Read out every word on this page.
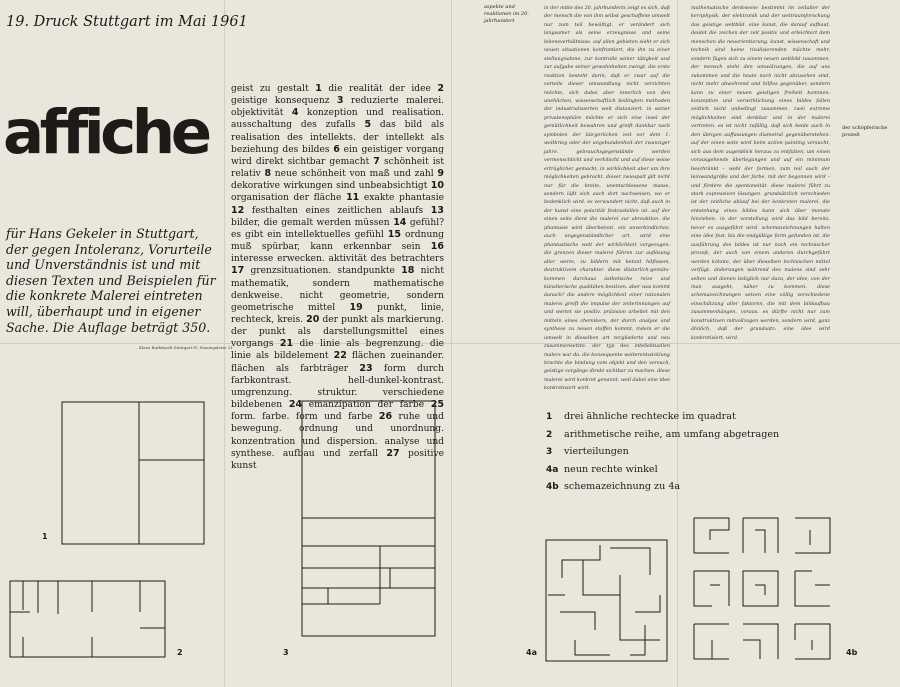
19. Druck Stuttgart im Mai 1961
affiche
für Hans Gekeler in Stuttgart, der gegen Intoleranz, Vorurteile und Unverständnis ist und mit diesen Texten und Beispielen für die konkrete Malerei eintreten will, überhaupt und in eigener Sache. Die Auflage beträgt 350.
Klaus Burkhardt Stuttgart-N. Staatsgalerie 21
geist zu gestalt 1 die realität der idee 2 geistige konsequenz 3 reduzierte malerei. objektivität 4 konzeption und realisation. ausschaltung des zufalls 5 das bild als realisation des intellekts. der intellekt als beziehung des bildes 6 ein geistiger vorgang wird direkt sichtbar gemacht 7 schönheit ist relativ 8 neue schönheit von maß und zahl 9 dekorative wirkungen sind unbeabsichtigt 10 organisation der fläche 11 exakte phantasie 12 festhalten eines zeitlichen ablaufs 13 bilder, die gemalt werden müssen 14 gefühl? es gibt ein intellektuelles gefühl 15 ordnung muß spürbar, kann erkennbar sein 16 interesse erwecken. aktivität des betrachters 17 grenzsituationen. standpunkte 18 nicht mathematik, sondern mathematische denkweise. nicht geometrie, sondern geometrische mittel 19 punkt, linie, rechteck, kreis. 20 der punkt als markierung. der punkt als darstellungsmittel eines vorgangs 21 die linie als begrenzung. die linie als bildelement 22 flächen zueinander. flächen als farbträger 23 form durch farbkontrast. hell-dunkel-kontrast. umgrenzung. struktur. verschiedene bildebenen 24 emanzipation der farbe 25 form. farbe. form und farbe 26 ruhe und bewegung. ordnung und unordnung. konzentration und dispersion. analyse und synthese. aufbau und zerfall 27 positive kunst
aspekte und reaktionen im 20. jahrhundert
in der mitte des 20. jahrhunderts zeigt es sich, daß der mensch die von ihm selbst geschaffene umwelt nur zum teil bewältigt. er verändert sich langsamer als seine erzeugnisse und seine lebensverhältnisse. auf allen gebieten sieht er sich neuen situationen konfrontiert, die ihn zu einer stellungnahme, zur kontrolle seiner tätigkeit und zur aufgabe seiner gewohnheiten zwingt. die erste reaktion besteht darin, daß er zwar auf die vorteile dieser umwandlung nicht verzichten möchte, sich dabei aber innerlich von den unehlichen, wissenschaftlich bedingten methoden der industrialisierten welt distanziert. in seiner privatensphäre möchte er sich eine insel der gemütlichkeit bewahren und greift dankbar nach symbolen der bürgerlichen zeit vor dem 1. weltkrieg oder der ungebundenheit der zwanziger jahre. gebrauchsgegenstände werden vermenschlicht und verkitscht und auf diese weise erträglicher gemacht, in wirklichkeit aber um ihre möglichkeiten gebracht. dieser zwiespalt gilt nicht nur für die breite, unentschlossene masse, sondern läßt sich auch dort nachweisen, wo er bedenklich wird. es verwundert nicht, daß auch in der kunst eine polarität festzustellen ist. auf der einen seite dient die malerei zur abreaktion. die phantasie wird überbetont, ein unverbindliches, auch ungegenständlicher art, wird eine phantastische welt der wirklichkeit vorgezogen. die grenzen dieser malerei führen zur auflösung aller werte, zu bildern mit betont hilflosem, destruktivem charakter. diese düsterlich-gemüts-kommen durchaus ästhetische reize und künstlerische qualitäten besitzen. aber was kommt danach? die andere möglichkeit einer rationalen malerei greift die impulse der zeiterinnungen auf und wertet sie positiv. präzision arbeitet mit den mitteln eines chemikers, der durch analyse und synthese zu neuen stoffen kommt, indem er die umwelt in dieselben art zergliederte und neu zusammensetzte. der typ des intellektuellen malers war da. die konsequente weiterentwicklung brachte die bindung vom objekt und den versuch, geistige vorgänge direkt sichtbar zu machen. diese malerei wird konkret genannt, weil dabei eine idee konkretisiert wird.
mathematische denkweise bestimmt im zeitalter der kernphysik, der elektronik und der weltraumforschung das geistige weltbild. eine kunst, die darauf aufbaut, deutet die zeichen der zeit positiv und erleichtert dem menschen die neuorientierung. kunst, wissenschaft und technik sind keine rivalisierenden mächte mehr, sondern fügen sich zu einem neuen weltbild zusammen. der mensch steht den umwälzungen, die auf uns zukommen und die heute noch nicht abzusehen sind, nicht mehr abwehrend und hilflos gegenüber, sondern kann zu einer neuen geistigen freiheit kommen. konzeption und verwirklichung eines bildes fallen zeitlich nicht unbedingt zusammen. zwei extreme möglichkeiten sind denkbar und in der malerei vertreten. es ist nicht zufällig, daß sich beide auch in den übrigen auffassungen diametral gegenüberstehen. auf der einen seite wird beim action painting versucht, sich aus dem augenblick heraus zu entfalten, um einen vorausgehende überlegungen und auf ein minimum beschränkt – wohl der formen, zum teil auch der leinwandgröße und der farbe, mit der begonnen wird – und fördere die spontaneität. diese malerei führt zu stark expressiven lösungen. grundsätzlich verschieden ist der zeitliche ablauf bei der konkreten malerei. die entstehung eines bildes kann sich über monate hinziehen. in der vorstellung wird das bild bereits, bevor es ausgeführt wird. schemazeichnungen halten eine idee fest, bis die endgültige form gefunden ist. die ausführung des bildes ist nur noch ein technischer prozeß, der auch von einem anderen durchgeführt werden könnte, der über dieselben technischen mittel verfügt. änderungen während des malens sind sehr selten und dienen lediglich nur dazu, der idee, von der man ausgeht, näher zu kommen. diese schemazeichnungen setzen eine völlig verschiedene einschätzung aller faktoren, die mit dem bildaufbau zusammenhängen, voraus. es dürfte nicht nur zum konstruktiven mitvollzogen werden, sondern wird, ganz ähnlich, daß der grundsatz: eine idee wird konkretisiert, wird.
der schöpferische prozeß
1
2	3	4a	4b
1	drei ähnliche rechtecke im quadrat
2	arithmetische reihe, am umfang abgetragen
3	vierteilungen
4a neun rechte winkel
4b schemazeichnung zu 4a
